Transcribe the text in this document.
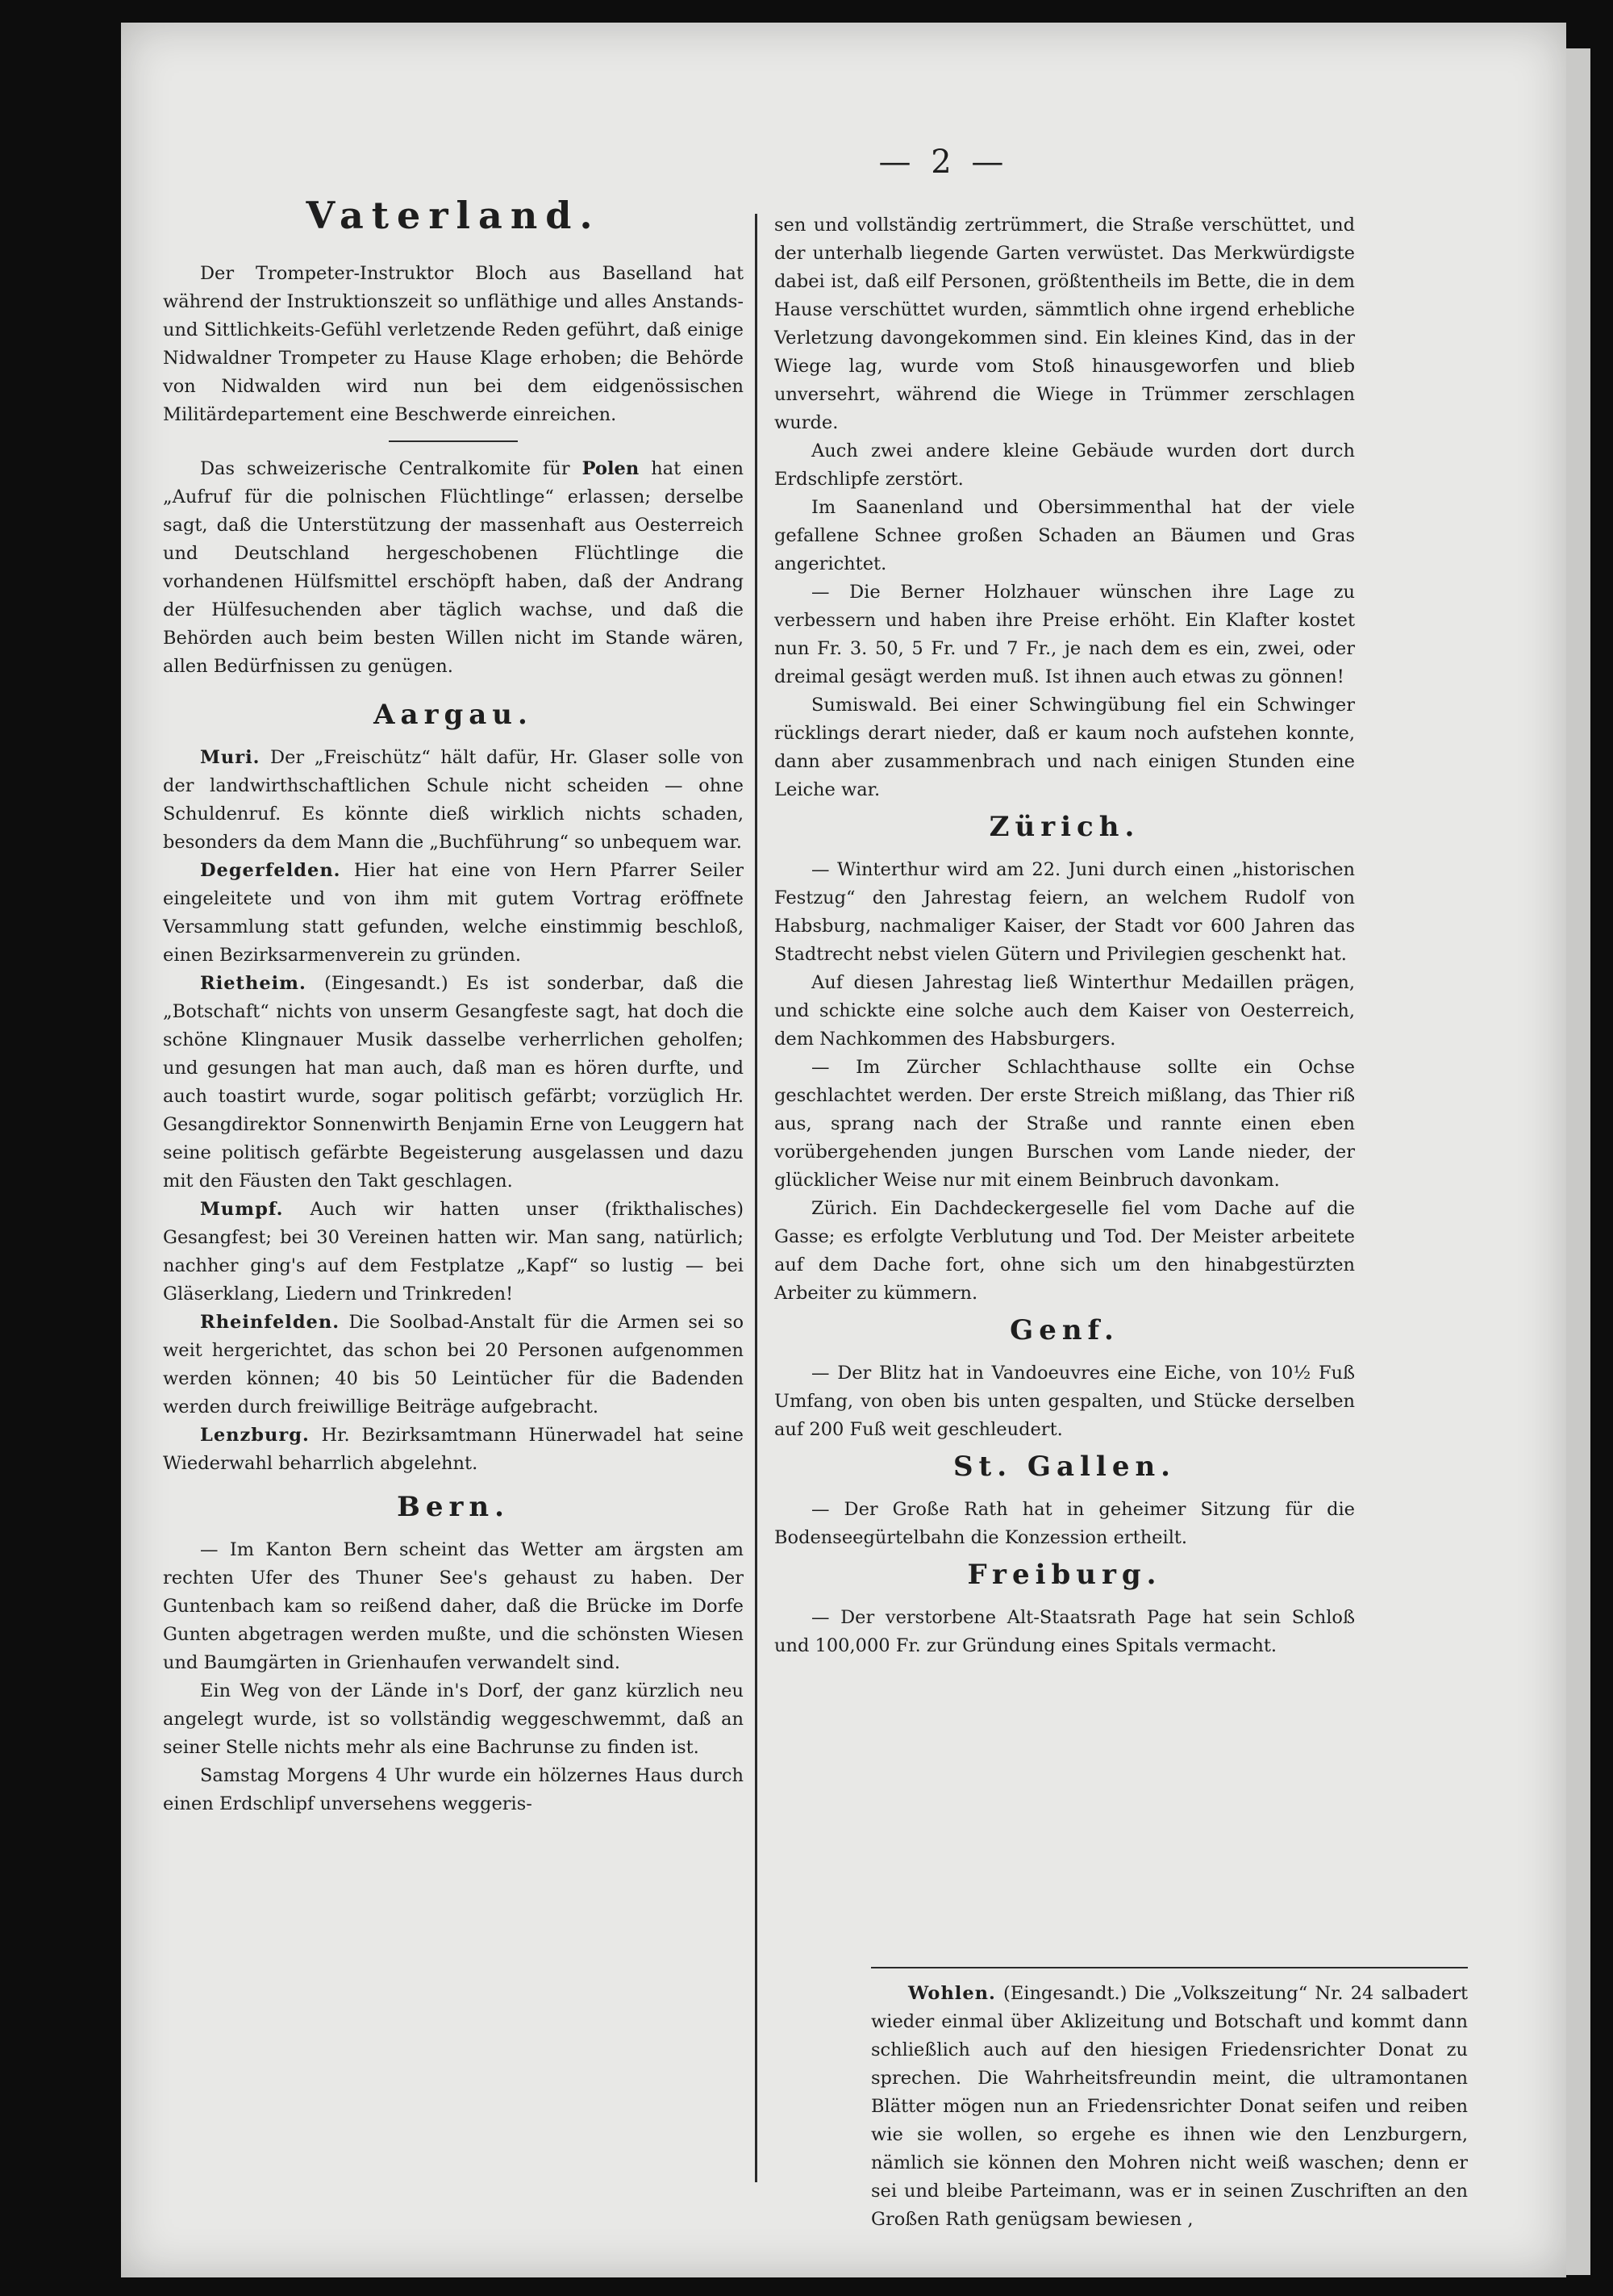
— 2 —
Vaterland.

Der Trompeter-Instruktor Bloch aus Baselland hat während der Instruktionszeit so unfläthige und alles Anstands- und Sittlichkeits-Gefühl verletzende Reden geführt, daß einige Nidwaldner Trompeter zu Hause Klage erhoben; die Behörde von Nidwalden wird nun bei dem eidgenössischen Militärdepartement eine Beschwerde einreichen.

Das schweizerische Centralkomite für Polen hat einen „Aufruf für die polnischen Flüchtlinge“ erlassen; derselbe sagt, daß die Unterstützung der massenhaft aus Oesterreich und Deutschland hergeschobenen Flüchtlinge die vorhandenen Hülfsmittel erschöpft haben, daß der Andrang der Hülfesuchenden aber täglich wachse, und daß die Behörden auch beim besten Willen nicht im Stande wären, allen Bedürfnissen zu genügen.

Aargau.

Muri. Der „Freischütz“ hält dafür, Hr. Glaser solle von der landwirthschaftlichen Schule nicht scheiden — ohne Schuldenruf. Es könnte dieß wirklich nichts schaden, besonders da dem Mann die „Buchführung“ so unbequem war.

Degerfelden. Hier hat eine von Hern Pfarrer Seiler eingeleitete und von ihm mit gutem Vortrag eröffnete Versammlung statt gefunden, welche einstimmig beschloß, einen Bezirksarmenverein zu gründen.

Rietheim. (Eingesandt.) Es ist sonderbar, daß die „Botschaft“ nichts von unserm Gesangfeste sagt, hat doch die schöne Klingnauer Musik dasselbe verherrlichen geholfen; und gesungen hat man auch, daß man es hören durfte, und auch toastirt wurde, sogar politisch gefärbt; vorzüglich Hr. Gesangdirektor Sonnenwirth Benjamin Erne von Leuggern hat seine politisch gefärbte Begeisterung ausgelassen und dazu mit den Fäusten den Takt geschlagen.

Mumpf. Auch wir hatten unser (frikthalisches) Gesangfest; bei 30 Vereinen hatten wir. Man sang, natürlich; nachher ging's auf dem Festplatze „Kapf“ so lustig — bei Gläserklang, Liedern und Trinkreden!

Rheinfelden. Die Soolbad-Anstalt für die Armen sei so weit hergerichtet, das schon bei 20 Personen aufgenommen werden können; 40 bis 50 Leintücher für die Badenden werden durch freiwillige Beiträge aufgebracht.

Lenzburg. Hr. Bezirksamtmann Hünerwadel hat seine Wiederwahl beharrlich abgelehnt.

Bern.

— Im Kanton Bern scheint das Wetter am ärgsten am rechten Ufer des Thuner See's gehaust zu haben. Der Guntenbach kam so reißend daher, daß die Brücke im Dorfe Gunten abgetragen werden mußte, und die schönsten Wiesen und Baumgärten in Grienhaufen verwandelt sind.

Ein Weg von der Lände in's Dorf, der ganz kürzlich neu angelegt wurde, ist so vollständig weggeschwemmt, daß an seiner Stelle nichts mehr als eine Bachrunse zu finden ist.

Samstag Morgens 4 Uhr wurde ein hölzernes Haus durch einen Erdschlipf unversehens weggeris-

sen und vollständig zertrümmert, die Straße verschüttet, und der unterhalb liegende Garten verwüstet. Das Merkwürdigste dabei ist, daß eilf Personen, größtentheils im Bette, die in dem Hause verschüttet wurden, sämmtlich ohne irgend erhebliche Verletzung davongekommen sind. Ein kleines Kind, das in der Wiege lag, wurde vom Stoß hinausgeworfen und blieb unversehrt, während die Wiege in Trümmer zerschlagen wurde.

Auch zwei andere kleine Gebäude wurden dort durch Erdschlipfe zerstört.

Im Saanenland und Obersimmenthal hat der viele gefallene Schnee großen Schaden an Bäumen und Gras angerichtet.

— Die Berner Holzhauer wünschen ihre Lage zu verbessern und haben ihre Preise erhöht. Ein Klafter kostet nun Fr. 3. 50, 5 Fr. und 7 Fr., je nach dem es ein, zwei, oder dreimal gesägt werden muß. Ist ihnen auch etwas zu gönnen!

Sumiswald. Bei einer Schwingübung fiel ein Schwinger rücklings derart nieder, daß er kaum noch aufstehen konnte, dann aber zusammenbrach und nach einigen Stunden eine Leiche war.

Zürich.

— Winterthur wird am 22. Juni durch einen „historischen Festzug“ den Jahrestag feiern, an welchem Rudolf von Habsburg, nachmaliger Kaiser, der Stadt vor 600 Jahren das Stadtrecht nebst vielen Gütern und Privilegien geschenkt hat.

Auf diesen Jahrestag ließ Winterthur Medaillen prägen, und schickte eine solche auch dem Kaiser von Oesterreich, dem Nachkommen des Habsburgers.

— Im Zürcher Schlachthause sollte ein Ochse geschlachtet werden. Der erste Streich mißlang, das Thier riß aus, sprang nach der Straße und rannte einen eben vorübergehenden jungen Burschen vom Lande nieder, der glücklicher Weise nur mit einem Beinbruch davonkam.

Zürich. Ein Dachdeckergeselle fiel vom Dache auf die Gasse; es erfolgte Verblutung und Tod. Der Meister arbeitete auf dem Dache fort, ohne sich um den hinabgestürzten Arbeiter zu kümmern.

Genf.

— Der Blitz hat in Vandoeuvres eine Eiche, von 10½ Fuß Umfang, von oben bis unten gespalten, und Stücke derselben auf 200 Fuß weit geschleudert.

St. Gallen.

— Der Große Rath hat in geheimer Sitzung für die Bodenseegürtelbahn die Konzession ertheilt.

Freiburg.

— Der verstorbene Alt-Staatsrath Page hat sein Schloß und 100,000 Fr. zur Gründung eines Spitals vermacht.

Wohlen. (Eingesandt.) Die „Volkszeitung“ Nr. 24 salbadert wieder einmal über Aklizeitung und Botschaft und kommt dann schließlich auch auf den hiesigen Friedensrichter Donat zu sprechen. Die Wahrheitsfreundin meint, die ultramontanen Blätter mögen nun an Friedensrichter Donat seifen und reiben wie sie wollen, so ergehe es ihnen wie den Lenzburgern, nämlich sie können den Mohren nicht weiß waschen; denn er sei und bleibe Parteimann, was er in seinen Zuschriften an den Großen Rath genügsam bewiesen ,
